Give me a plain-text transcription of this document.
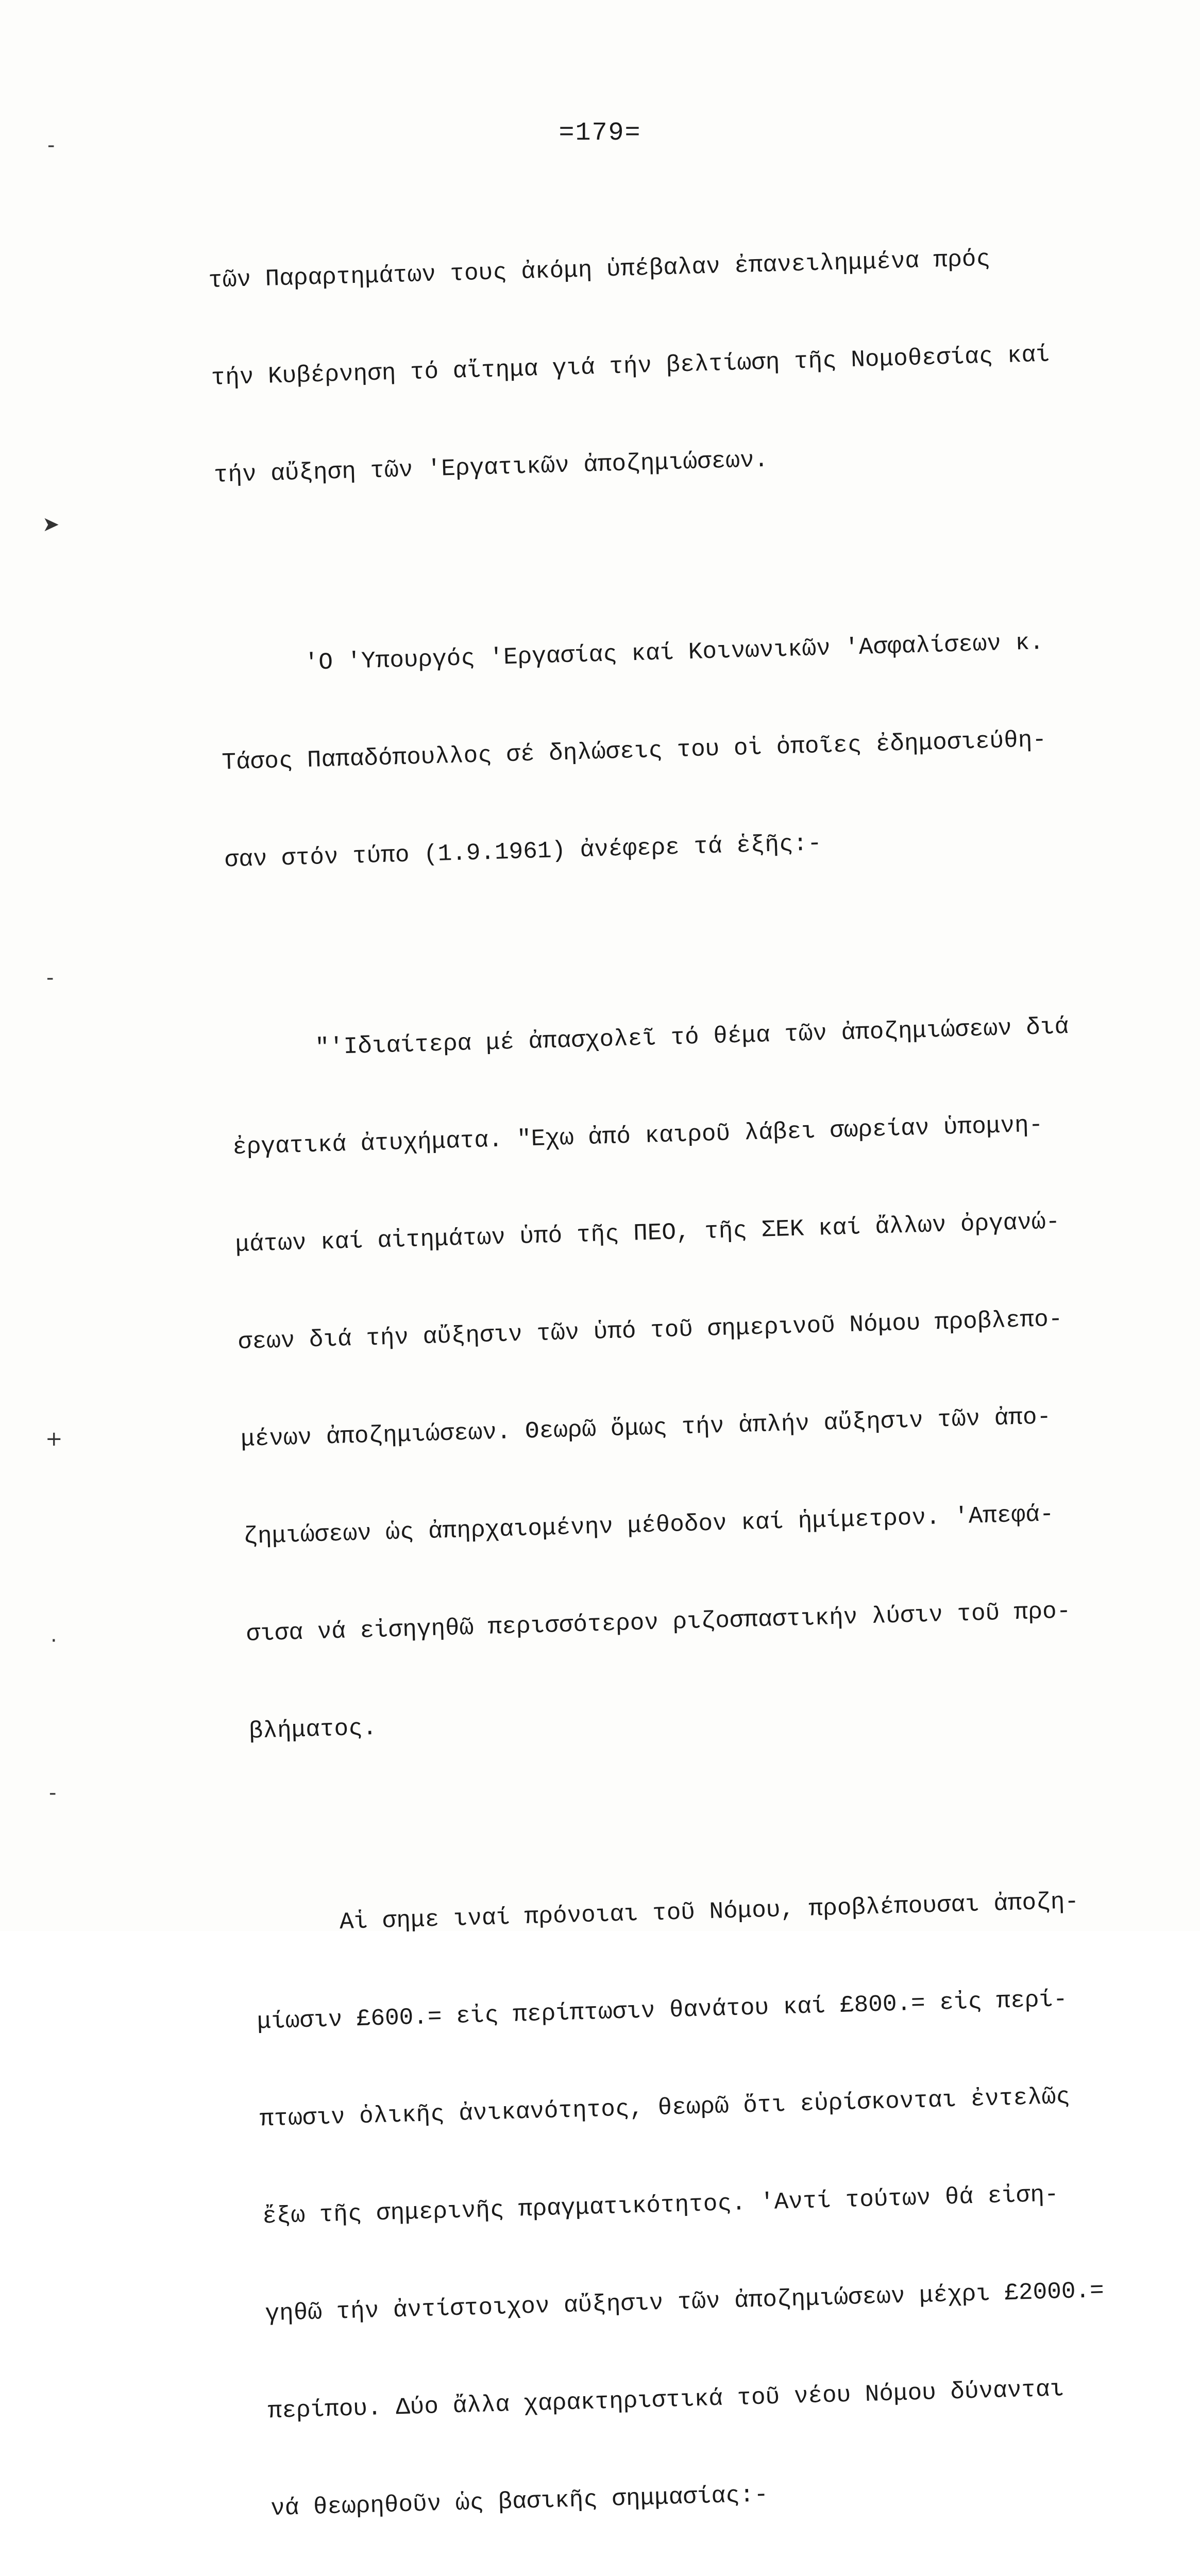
=179=
‑
➤
‑
+
·
‑

τῶν Παραρτημάτων τους ἀκόμη ὑπέβαλαν ἐπανειλημμένα πρός

τήν Κυβέρνηση τό αἴτημα γιά τήν βελτίωση τῆς Νομοθεσίας καί

τήν αὔξηση τῶν 'Εργατικῶν ἀποζημιώσεων.

'Ο 'Υπουργός 'Εργασίας καί Κοινωνικῶν 'Ασφαλίσεων κ.

Τάσος Παπαδόπουλλος σέ δηλώσεις του οἱ ὁποῖες ἐδημοσιεύθη-

σαν στόν τύπο (1.9.1961) ἀνέφερε τά ἑξῆς:-

"'Ιδιαίτερα μέ ἀπασχολεῖ τό θέμα τῶν ἀποζημιώσεων διά

ἐργατικά ἀτυχήματα. "Εχω ἀπό καιροῦ λάβει σωρείαν ὑπομνη-

μάτων καί αἰτημάτων ὑπό τῆς ΠΕΟ, τῆς ΣΕΚ καί ἄλλων ὀργανώ-

σεων διά τήν αὔξησιν τῶν ὑπό τοῦ σημερινοῦ Νόμου προβλεπο-

μένων ἀποζημιώσεων. Θεωρῶ ὅμως τήν ἁπλήν αὔξησιν τῶν ἀπο-

ζημιώσεων ὡς ἀπηρχαιομένην μέθοδον καί ἡμίμετρον. 'Απεφά-

σισα νά εἰσηγηθῶ περισσότερον ριζοσπαστικήν λύσιν τοῦ προ-

βλήματος.

Αἱ σημε ιναί πρόνοιαι τοῦ Νόμου, προβλέπουσαι ἀποζη-

μίωσιν £600.= εἰς περίπτωσιν θανάτου καί £800.= εἰς περί-

πτωσιν ὁλικῆς ἀνικανότητος, θεωρῶ ὅτι εὑρίσκονται ἐντελῶς

ἔξω τῆς σημερινῆς πραγματικότητος. 'Αντί τούτων θά εἰση-

γηθῶ τήν ἀντίστοιχον αὔξησιν τῶν ἀποζημιώσεων μέχρι £2000.=

περίπου. Δύο ἄλλα χαρακτηριστικά τοῦ νέου Νόμου δύνανται

νά θεωρηθοῦν ὡς βασικῆς σημμασίας:-
